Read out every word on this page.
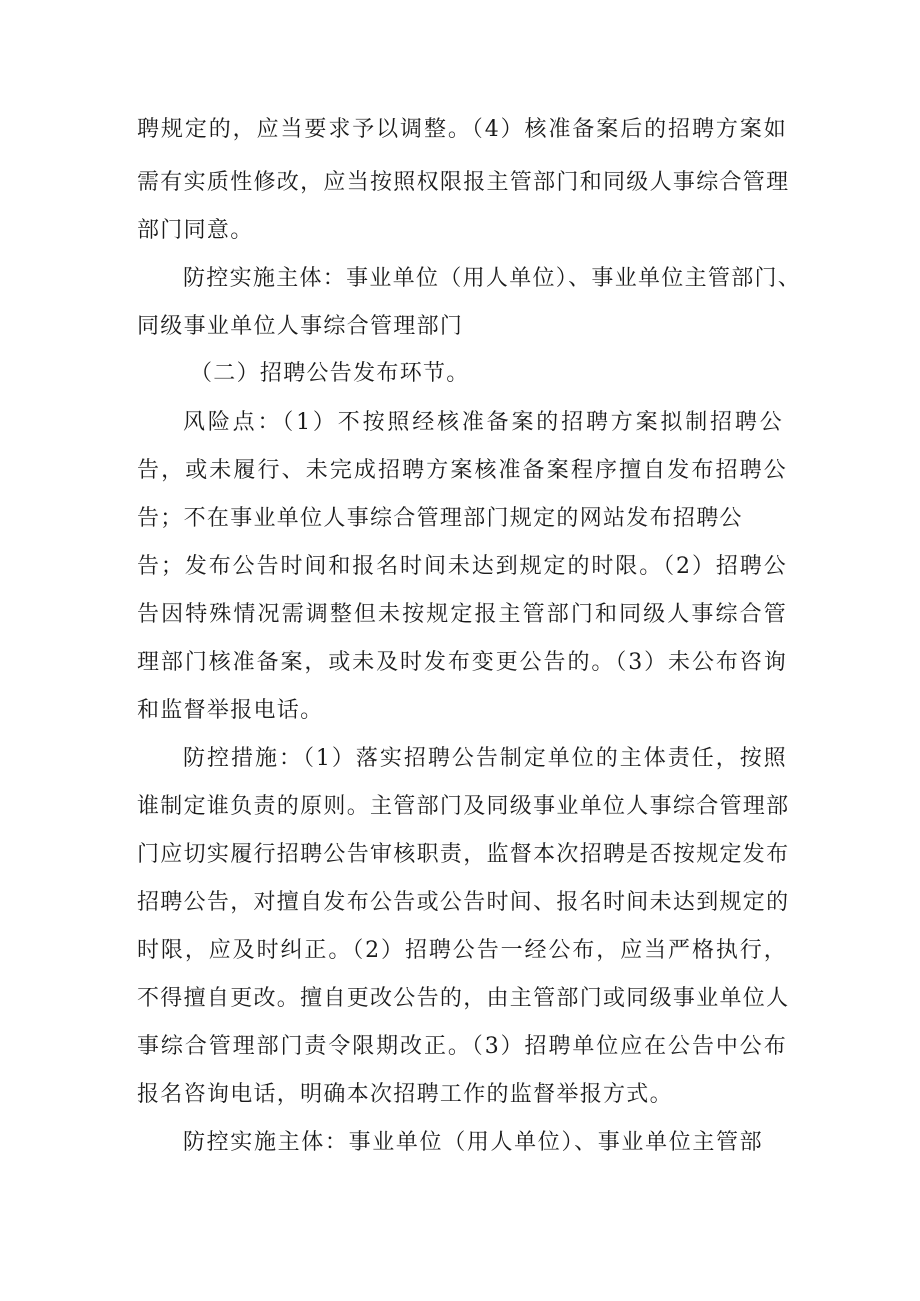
聘规定的，应当要求予以调整。（4）核准备案后的招聘方案如
需有实质性修改，应当按照权限报主管部门和同级人事综合管理
部门同意。
防控实施主体：事业单位（用人单位）、事业单位主管部门、
同级事业单位人事综合管理部门
（二）招聘公告发布环节。
风险点：（1）不按照经核准备案的招聘方案拟制招聘公
告，或未履行、未完成招聘方案核准备案程序擅自发布招聘公
告；不在事业单位人事综合管理部门规定的网站发布招聘公
告；发布公告时间和报名时间未达到规定的时限。（2）招聘公
告因特殊情况需调整但未按规定报主管部门和同级人事综合管
理部门核准备案，或未及时发布变更公告的。（3）未公布咨询
和监督举报电话。
防控措施：（1）落实招聘公告制定单位的主体责任，按照
谁制定谁负责的原则。主管部门及同级事业单位人事综合管理部
门应切实履行招聘公告审核职责，监督本次招聘是否按规定发布
招聘公告，对擅自发布公告或公告时间、报名时间未达到规定的
时限，应及时纠正。（2）招聘公告一经公布，应当严格执行，
不得擅自更改。擅自更改公告的，由主管部门或同级事业单位人
事综合管理部门责令限期改正。（3）招聘单位应在公告中公布
报名咨询电话，明确本次招聘工作的监督举报方式。
防控实施主体：事业单位（用人单位）、事业单位主管部
